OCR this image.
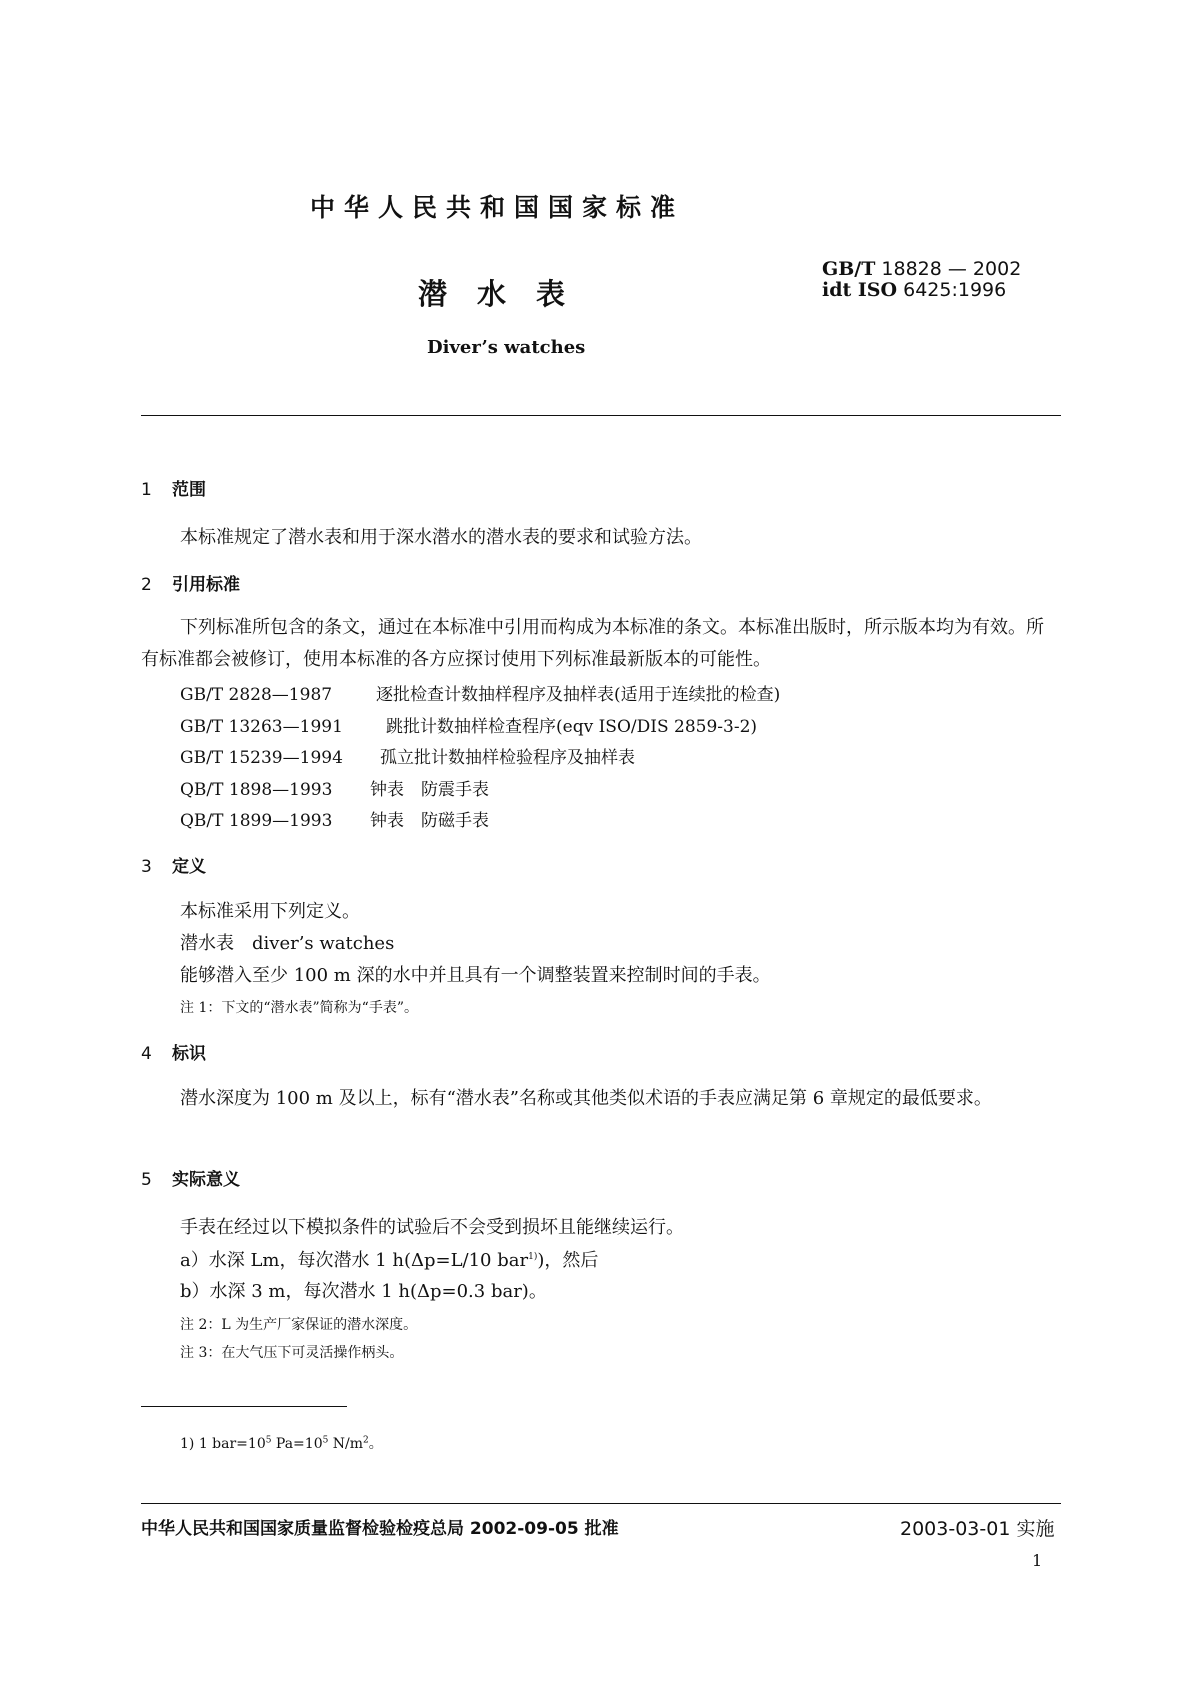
中华人民共和国国家标准
潜水表
Diver’s watches
GB/T 18828 — 2002
idt ISO 6425:1996
1 范围
本标准规定了潜水表和用于深水潜水的潜水表的要求和试验方法。
2 引用标准
下列标准所包含的条文，通过在本标准中引用而构成为本标准的条文。本标准出版时，所示版本均为有效。所有标准都会被修订，使用本标准的各方应探讨使用下列标准最新版本的可能性。
GB/T 2828—1987	逐批检查计数抽样程序及抽样表(适用于连续批的检查)
GB/T 13263—1991	跳批计数抽样检查程序(eqv ISO/DIS 2859-3-2)
GB/T 15239—1994 孤立批计数抽样检验程序及抽样表
QB/T 1898—1993 钟表　防震手表
QB/T 1899—1993 钟表　防磁手表
3 定义
本标准采用下列定义。
潜水表　diver’s watches
能够潜入至少 100 m 深的水中并且具有一个调整装置来控制时间的手表。
注 1：下文的“潜水表”简称为“手表”。
4 标识
潜水深度为 100 m 及以上，标有“潜水表”名称或其他类似术语的手表应满足第 6 章规定的最低要求。
5 实际意义
手表在经过以下模拟条件的试验后不会受到损坏且能继续运行。
a）水深 Lm，每次潜水 1 h(Δp=L/10 bar$^{1)}$)，然后
b）水深 3 m，每次潜水 1 h(Δp=0.3 bar)。
注 2：L 为生产厂家保证的潜水深度。
注 3：在大气压下可灵活操作柄头。
1) 1 $bar=10^5$ $Pa=10^5$ $N/m^2$。
中华人民共和国国家质量监督检验检疫总局 2002-09-05 批准	2003-03-01 实施
1
